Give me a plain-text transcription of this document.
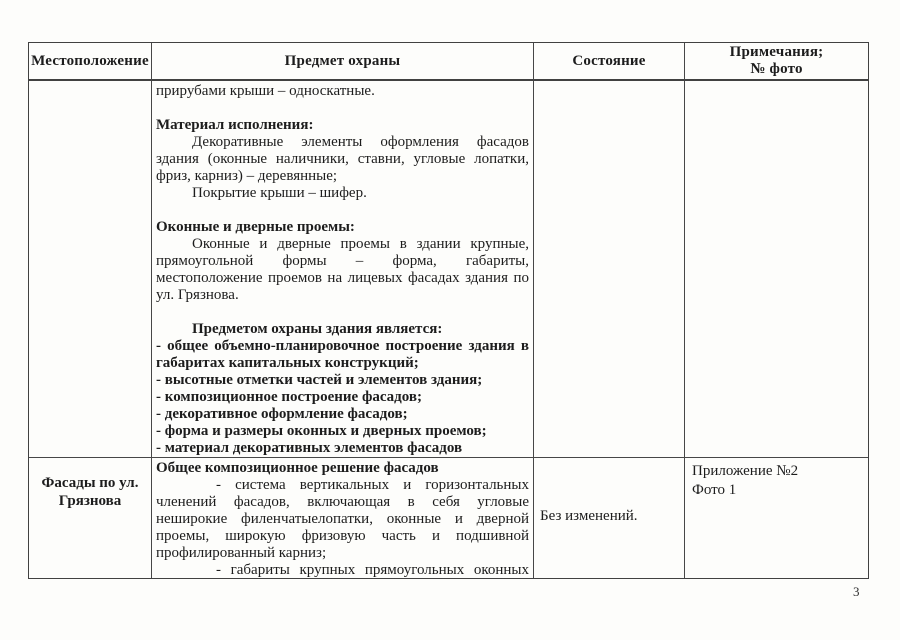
Местоположение	Предмет охраны	Состояние
Примечания;
№ фото
прирубами крыши – односкатные.

Материал исполнения:
Декоративные элементы оформления фасадов
здания (оконные наличники, ставни, угловые лопатки,
фриз, карниз) – деревянные;
Покрытие крыши – шифер.

Оконные и дверные проемы:
Оконные и дверные проемы в здании крупные,
прямоугольной формы – форма, габариты,
местоположение проемов на лицевых фасадах здания по
ул. Грязнова.

Предметом охраны здания является:
- общее объемно-планировочное построение здания в
габаритах капитальных конструкций;
- высотные отметки частей и элементов здания;
- композиционное построение фасадов;
- декоративное оформление фасадов;
- форма и размеры оконных и дверных проемов;
- материал декоративных элементов фасадов
Фасады по ул.
Грязнова
Общее композиционное решение фасадов
- система вертикальных и горизонтальных
членений фасадов, включающая в себя угловые
неширокие филенчатыелопатки, оконные и дверной
проемы, широкую фризовую часть и подшивной
профилированный карниз;
- габариты крупных прямоугольных оконных
Без изменений.
Приложение №2
Фото 1
3
